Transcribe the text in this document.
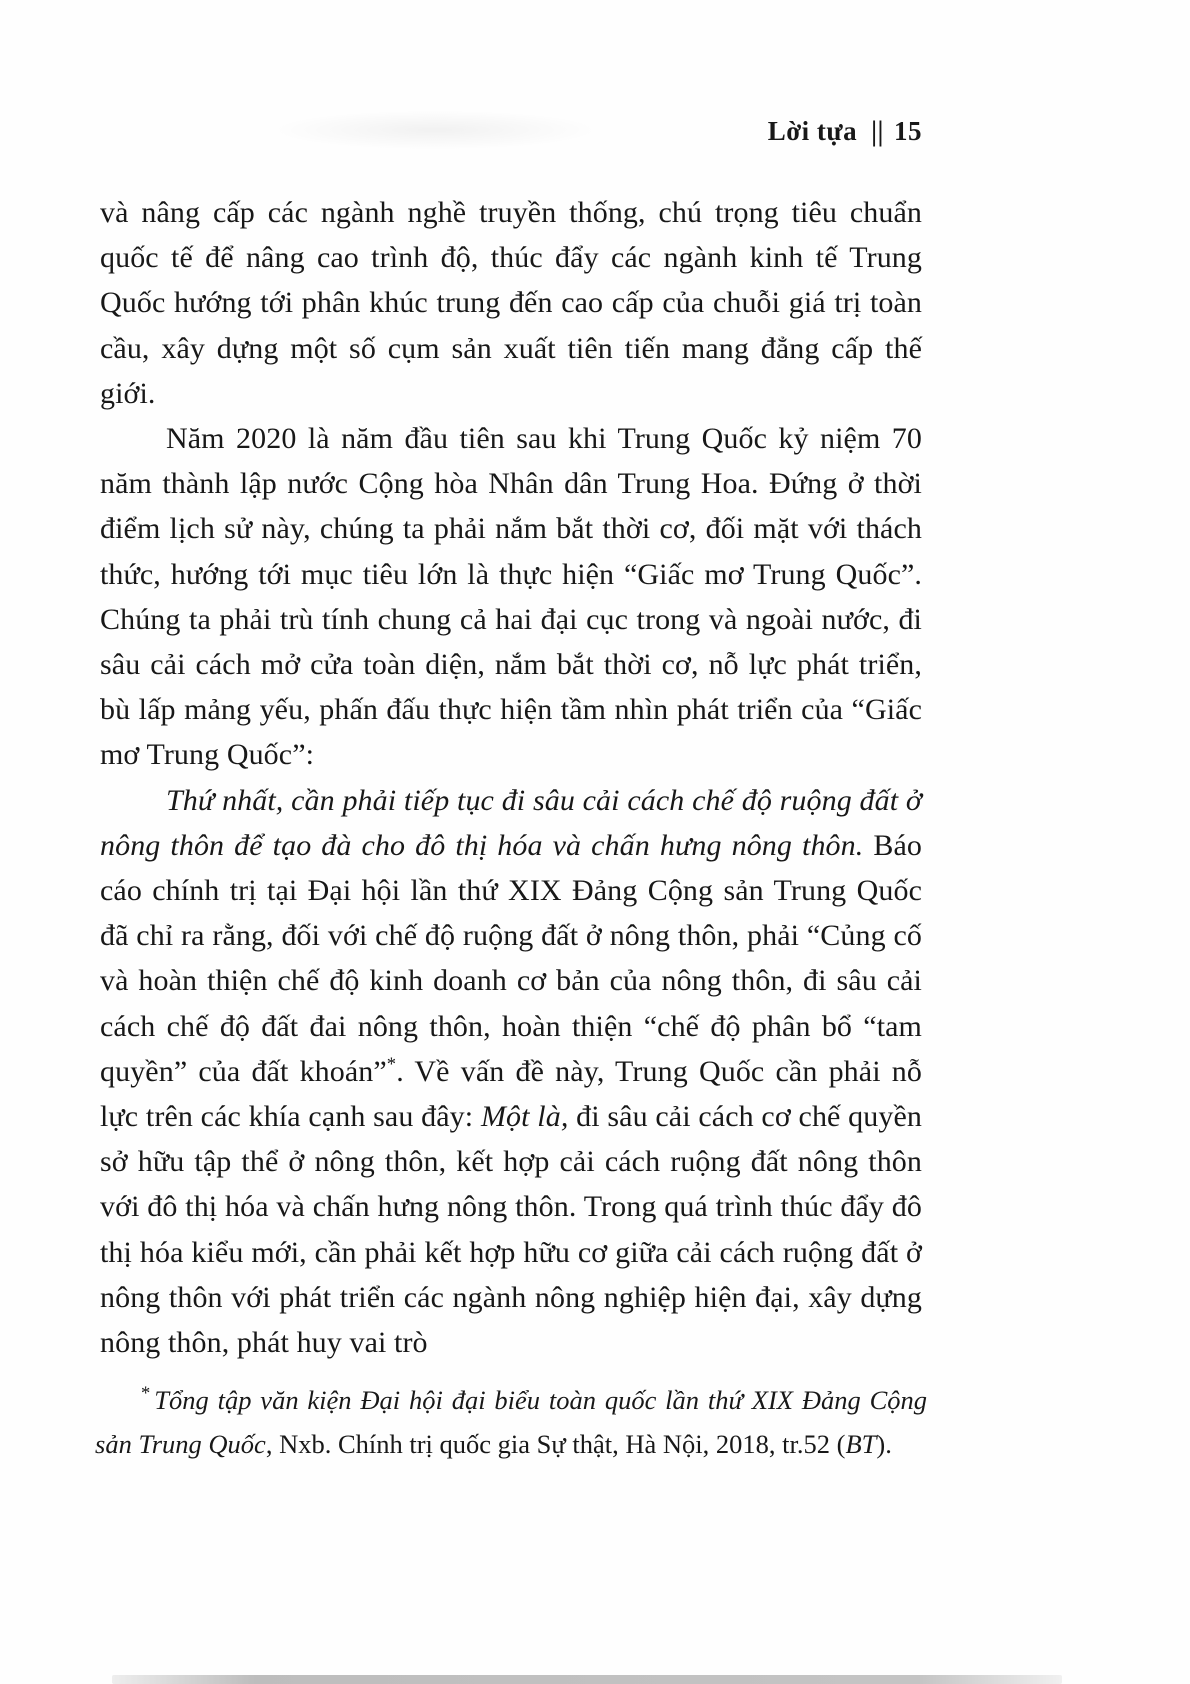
Lời tựa || 15

và nâng cấp các ngành nghề truyền thống, chú trọng tiêu chuẩn quốc tế để nâng cao trình độ, thúc đẩy các ngành kinh tế Trung Quốc hướng tới phân khúc trung đến cao cấp của chuỗi giá trị toàn cầu, xây dựng một số cụm sản xuất tiên tiến mang đẳng cấp thế giới.

Năm 2020 là năm đầu tiên sau khi Trung Quốc kỷ niệm 70 năm thành lập nước Cộng hòa Nhân dân Trung Hoa. Đứng ở thời điểm lịch sử này, chúng ta phải nắm bắt thời cơ, đối mặt với thách thức, hướng tới mục tiêu lớn là thực hiện “Giấc mơ Trung Quốc”. Chúng ta phải trù tính chung cả hai đại cục trong và ngoài nước, đi sâu cải cách mở cửa toàn diện, nắm bắt thời cơ, nỗ lực phát triển, bù lấp mảng yếu, phấn đấu thực hiện tầm nhìn phát triển của “Giấc mơ Trung Quốc”:

Thứ nhất, cần phải tiếp tục đi sâu cải cách chế độ ruộng đất ở nông thôn để tạo đà cho đô thị hóa và chấn hưng nông thôn. Báo cáo chính trị tại Đại hội lần thứ XIX Đảng Cộng sản Trung Quốc đã chỉ ra rằng, đối với chế độ ruộng đất ở nông thôn, phải “Củng cố và hoàn thiện chế độ kinh doanh cơ bản của nông thôn, đi sâu cải cách chế độ đất đai nông thôn, hoàn thiện “chế độ phân bổ “tam quyền” của đất khoán”*. Về vấn đề này, Trung Quốc cần phải nỗ lực trên các khía cạnh sau đây: Một là, đi sâu cải cách cơ chế quyền sở hữu tập thể ở nông thôn, kết hợp cải cách ruộng đất nông thôn với đô thị hóa và chấn hưng nông thôn. Trong quá trình thúc đẩy đô thị hóa kiểu mới, cần phải kết hợp hữu cơ giữa cải cách ruộng đất ở nông thôn với phát triển các ngành nông nghiệp hiện đại, xây dựng nông thôn, phát huy vai trò

* Tổng tập văn kiện Đại hội đại biểu toàn quốc lần thứ XIX Đảng Cộng sản Trung Quốc, Nxb. Chính trị quốc gia Sự thật, Hà Nội, 2018, tr.52 (BT).
